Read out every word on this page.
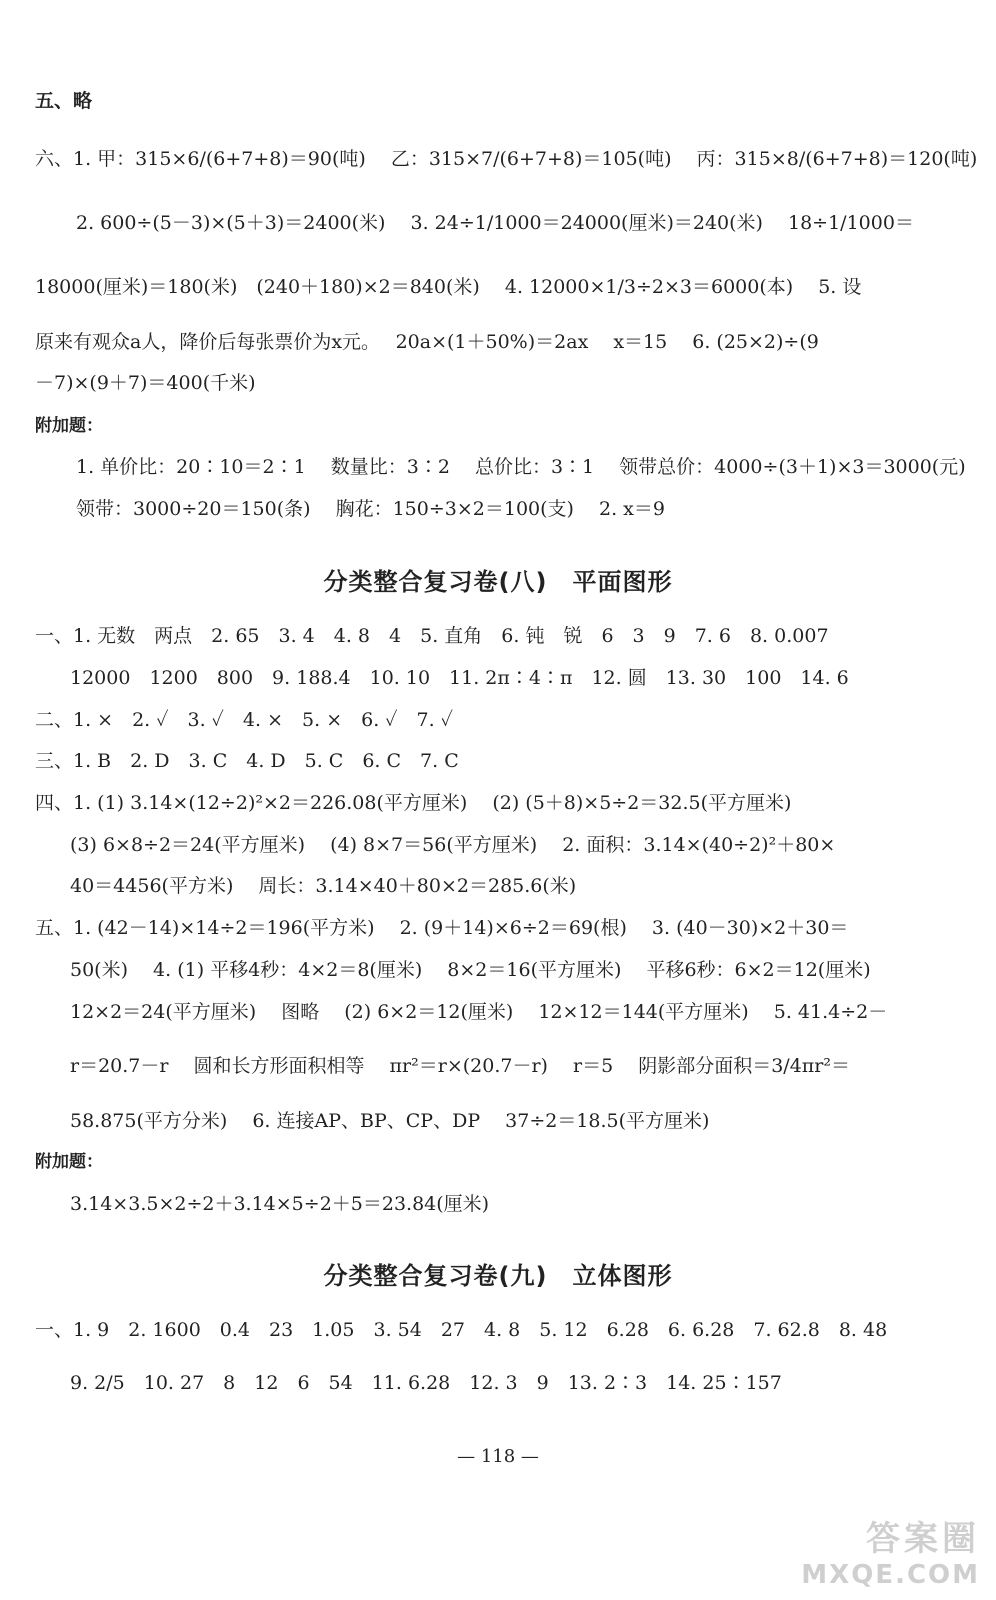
五、略
六、1. 甲：315×6/(6+7+8)＝90(吨)　 乙：315×7/(6+7+8)＝105(吨)　 丙：315×8/(6+7+8)＝120(吨)
2. 600÷(5－3)×(5＋3)＝2400(米)　 3. 24÷1/1000＝24000(厘米)＝240(米)　 18÷1/1000＝
18000(厘米)＝180(米)　(240＋180)×2＝840(米)　 4. 12000×1/3÷2×3＝6000(本)　 5. 设
原来有观众a人，降价后每张票价为x元。　 20a×(1＋50%)＝2ax　 x＝15　 6. (25×2)÷(9
－7)×(9＋7)＝400(千米)
附加题：
1. 单价比：20∶10＝2∶1　 数量比：3∶2　 总价比：3∶1　 领带总价：4000÷(3＋1)×3＝3000(元)
领带：3000÷20＝150(条)　 胸花：150÷3×2＝100(支)　 2. x＝9
分类整合复习卷(八)　平面图形
一、1. 无数　两点　2. 65　3. 4　4. 8　4　5. 直角　6. 钝　锐　6　3　9　7. 6　8. 0.007
12000　1200　800　9. 188.4　10. 10　11. 2π∶4∶π　12. 圆　13. 30　100　14. 6
二、1. ×　2. ✓　3. ✓　4. ×　5. ×　6. ✓　7. ✓
三、1. B　2. D　3. C　4. D　5. C　6. C　7. C
四、1. (1) 3.14×(12÷2)²×2＝226.08(平方厘米)　 (2) (5＋8)×5÷2＝32.5(平方厘米)
(3) 6×8÷2＝24(平方厘米)　 (4) 8×7＝56(平方厘米)　 2. 面积：3.14×(40÷2)²＋80×
40＝4456(平方米)　 周长：3.14×40＋80×2＝285.6(米)
五、1. (42－14)×14÷2＝196(平方米)　 2. (9＋14)×6÷2＝69(根)　 3. (40－30)×2＋30＝
50(米)　 4. (1) 平移4秒：4×2＝8(厘米)　 8×2＝16(平方厘米)　 平移6秒：6×2＝12(厘米)
12×2＝24(平方厘米)　 图略　 (2) 6×2＝12(厘米)　 12×12＝144(平方厘米)　 5. 41.4÷2－
r＝20.7－r　 圆和长方形面积相等　 πr²＝r×(20.7－r)　 r＝5　 阴影部分面积＝3/4πr²＝
58.875(平方分米)　 6. 连接AP、BP、CP、DP　 37÷2＝18.5(平方厘米)
附加题：
3.14×3.5×2÷2＋3.14×5÷2＋5＝23.84(厘米)
分类整合复习卷(九)　立体图形
一、1. 9　2. 1600　0.4　23　1.05　3. 54　27　4. 8　5. 12　6.28　6. 6.28　7. 62.8　8. 48
9. 2/5　10. 27　8　12　6　54　11. 6.28　12. 3　9　13. 2∶3　14. 25∶157
— 118 —
答案圈
MXQE.COM
